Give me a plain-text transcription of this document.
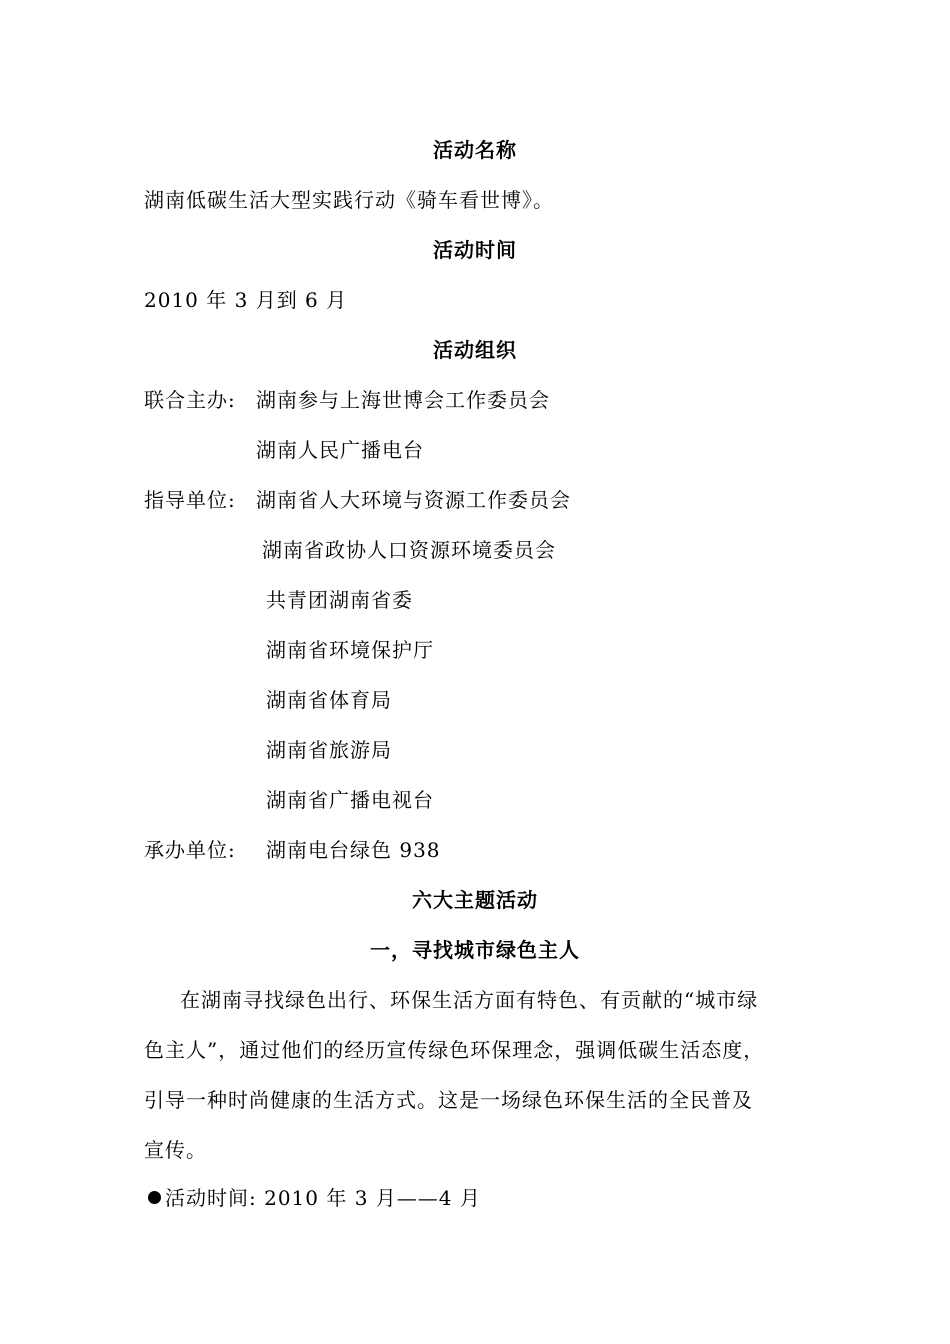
活动名称
湖南低碳生活大型实践行动《骑车看世博》。
活动时间
2010 年 3 月到 6 月
活动组织
联合主办: 湖南参与上海世博会工作委员会
湖南人民广播电台
指导单位: 湖南省人大环境与资源工作委员会
湖南省政协人口资源环境委员会
共青团湖南省委
湖南省环境保护厅
湖南省体育局
湖南省旅游局
湖南省广播电视台
承办单位: 湖南电台绿色 938
六大主题活动
一，寻找城市绿色主人
在湖南寻找绿色出行、环保生活方面有特色、有贡献的“城市绿
色主人”，通过他们的经历宣传绿色环保理念，强调低碳生活态度，
引导一种时尚健康的生活方式。这是一场绿色环保生活的全民普及
宣传。
活动时间: 2010 年 3 月——4 月
